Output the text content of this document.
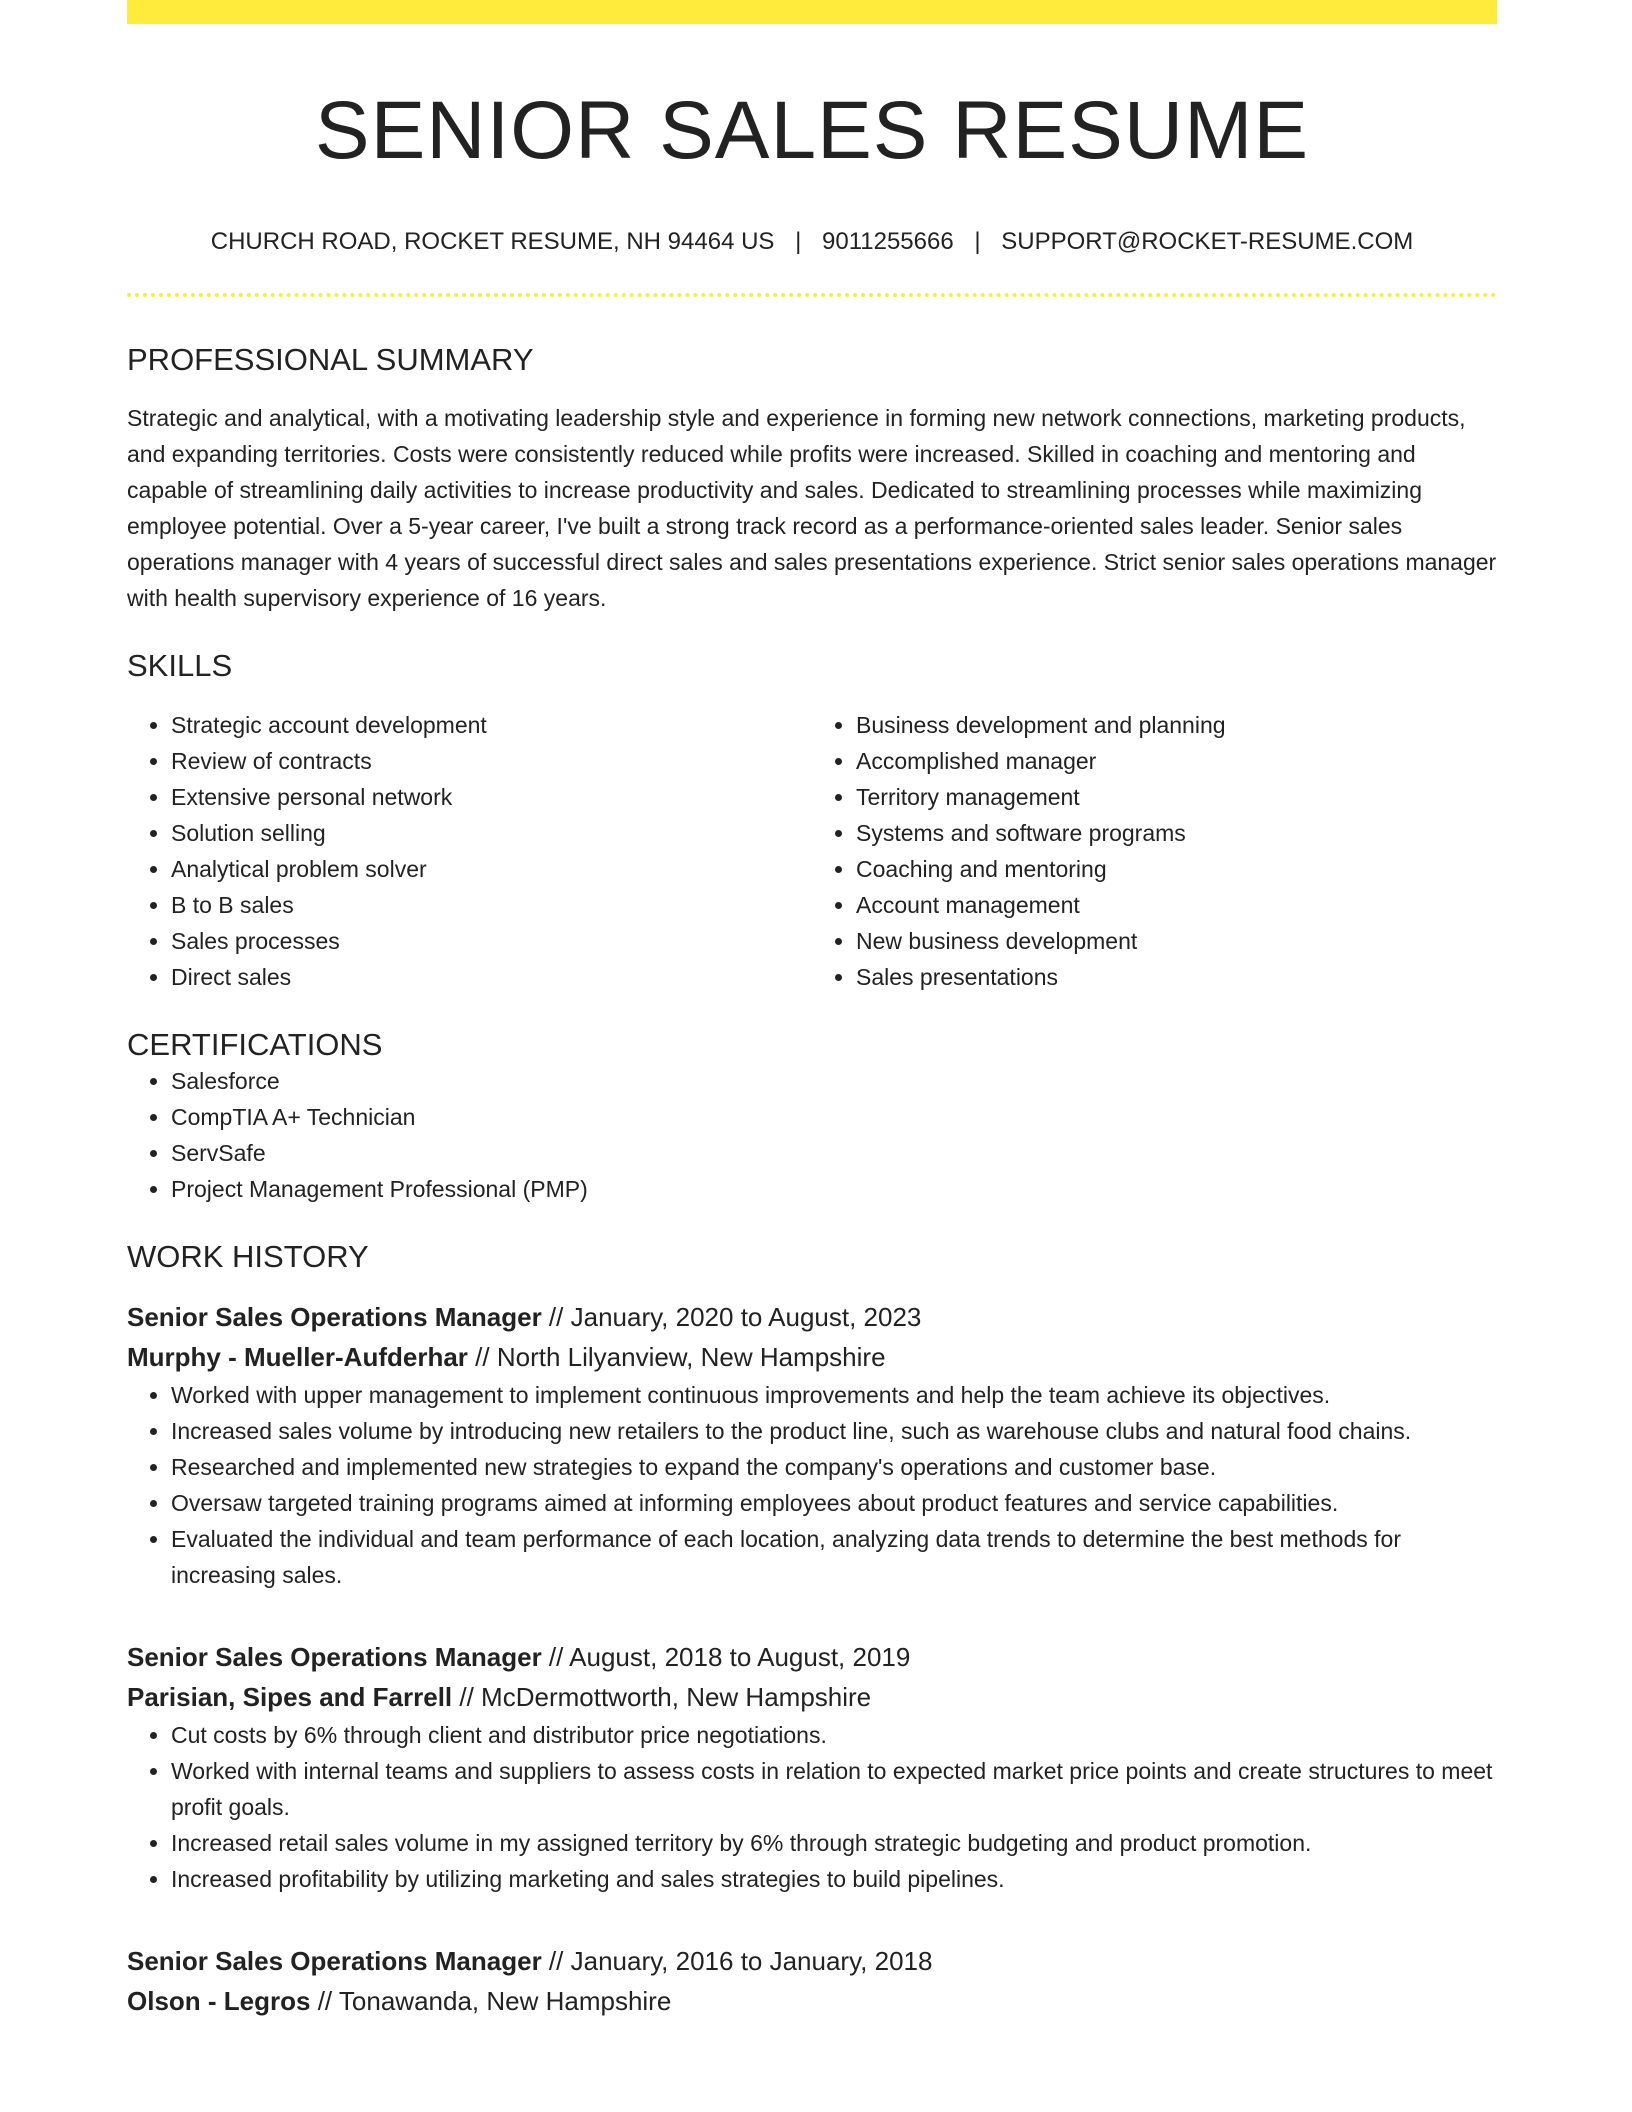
SENIOR SALES RESUME
CHURCH ROAD, ROCKET RESUME, NH 94464 US | 9011255666 | SUPPORT@ROCKET-RESUME.COM
PROFESSIONAL SUMMARY
Strategic and analytical, with a motivating leadership style and experience in forming new network connections, marketing products, and expanding territories. Costs were consistently reduced while profits were increased. Skilled in coaching and mentoring and capable of streamlining daily activities to increase productivity and sales. Dedicated to streamlining processes while maximizing employee potential. Over a 5-year career, I've built a strong track record as a performance-oriented sales leader. Senior sales operations manager with 4 years of successful direct sales and sales presentations experience. Strict senior sales operations manager with health supervisory experience of 16 years.
SKILLS
• Strategic account development
• Review of contracts
• Extensive personal network
• Solution selling
• Analytical problem solver
• B to B sales
• Sales processes
• Direct sales
• Business development and planning
• Accomplished manager
• Territory management
• Systems and software programs
• Coaching and mentoring
• Account management
• New business development
• Sales presentations
CERTIFICATIONS
• Salesforce
• CompTIA A+ Technician
• ServSafe
• Project Management Professional (PMP)
WORK HISTORY
Senior Sales Operations Manager // January, 2020 to August, 2023
Murphy - Mueller-Aufderhar // North Lilyanview, New Hampshire
• Worked with upper management to implement continuous improvements and help the team achieve its objectives.
• Increased sales volume by introducing new retailers to the product line, such as warehouse clubs and natural food chains.
• Researched and implemented new strategies to expand the company's operations and customer base.
• Oversaw targeted training programs aimed at informing employees about product features and service capabilities.
• Evaluated the individual and team performance of each location, analyzing data trends to determine the best methods for increasing sales.
Senior Sales Operations Manager // August, 2018 to August, 2019
Parisian, Sipes and Farrell // McDermottworth, New Hampshire
• Cut costs by 6% through client and distributor price negotiations.
• Worked with internal teams and suppliers to assess costs in relation to expected market price points and create structures to meet profit goals.
• Increased retail sales volume in my assigned territory by 6% through strategic budgeting and product promotion.
• Increased profitability by utilizing marketing and sales strategies to build pipelines.
Senior Sales Operations Manager // January, 2016 to January, 2018
Olson - Legros // Tonawanda, New Hampshire
